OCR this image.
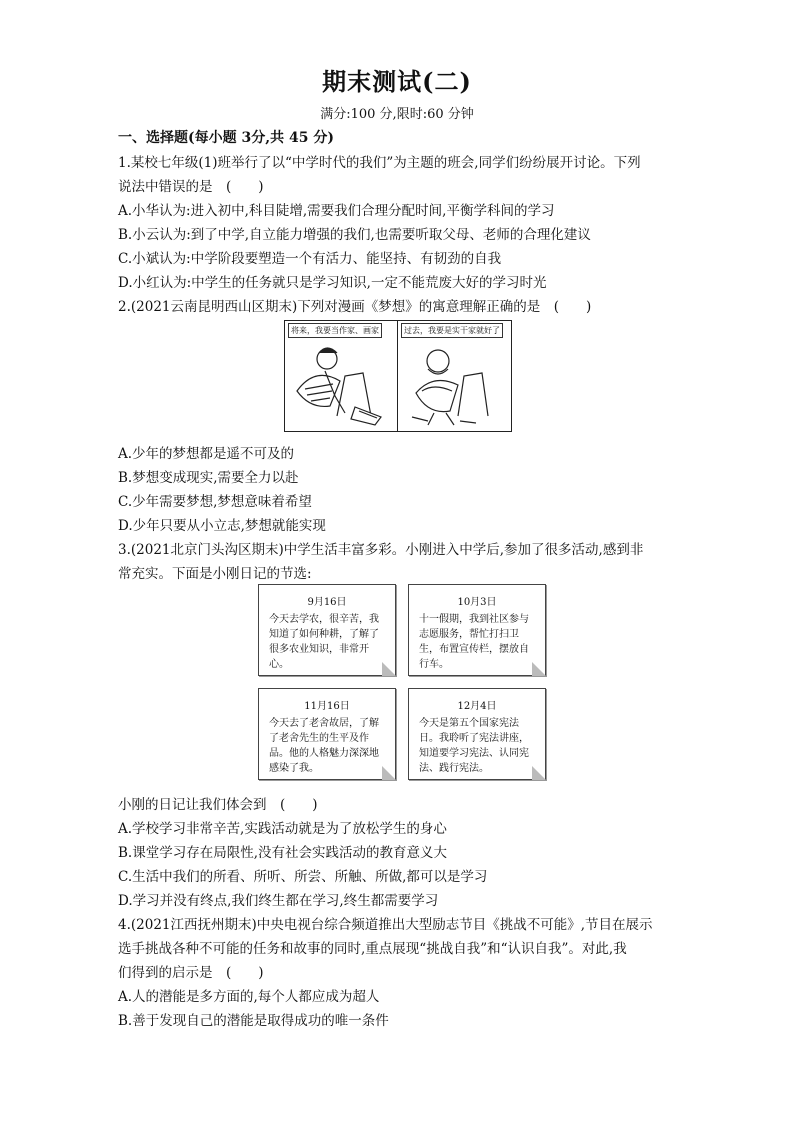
期末测试(二)
满分:100 分,限时:60 分钟
一、选择题(每小题 3分,共 45 分)
1.某校七年级(1)班举行了以“中学时代的我们”为主题的班会,同学们纷纷展开讨论。下列
说法中错误的是　(　　)
A.小华认为:进入初中,科目陡增,需要我们合理分配时间,平衡学科间的学习
B.小云认为:到了中学,自立能力增强的我们,也需要听取父母、老师的合理化建议
C.小斌认为:中学阶段要塑造一个有活力、能坚持、有韧劲的自我
D.小红认为:中学生的任务就只是学习知识,一定不能荒废大好的学习时光
2.(2021云南昆明西山区期末)下列对漫画《梦想》的寓意理解正确的是　(　　)
将来，我要当作家、画家	过去，我要是实干家就好了
A.少年的梦想都是遥不可及的
B.梦想变成现实,需要全力以赴
C.少年需要梦想,梦想意味着希望
D.少年只要从小立志,梦想就能实现
3.(2021北京门头沟区期末)中学生活丰富多彩。小刚进入中学后,参加了很多活动,感到非
常充实。下面是小刚日记的节选:
9月16日
今天去学农，很辛苦，我知道了如何种耕，了解了很多农业知识，非常开心。
10月3日
十一假期，我到社区参与志愿服务，帮忙打扫卫生，布置宣传栏，摆放自行车。
11月16日
今天去了老舍故居，了解了老舍先生的生平及作品。他的人格魅力深深地感染了我。
12月4日
今天是第五个国家宪法日。我聆听了宪法讲座，知道要学习宪法、认同宪法、践行宪法。
小刚的日记让我们体会到　(　　)
A.学校学习非常辛苦,实践活动就是为了放松学生的身心
B.课堂学习存在局限性,没有社会实践活动的教育意义大
C.生活中我们的所看、所听、所尝、所触、所做,都可以是学习
D.学习并没有终点,我们终生都在学习,终生都需要学习
4.(2021江西抚州期末)中央电视台综合频道推出大型励志节目《挑战不可能》,节目在展示
选手挑战各种不可能的任务和故事的同时,重点展现“挑战自我”和“认识自我”。对此,我
们得到的启示是　(　　)
A.人的潜能是多方面的,每个人都应成为超人
B.善于发现自己的潜能是取得成功的唯一条件
